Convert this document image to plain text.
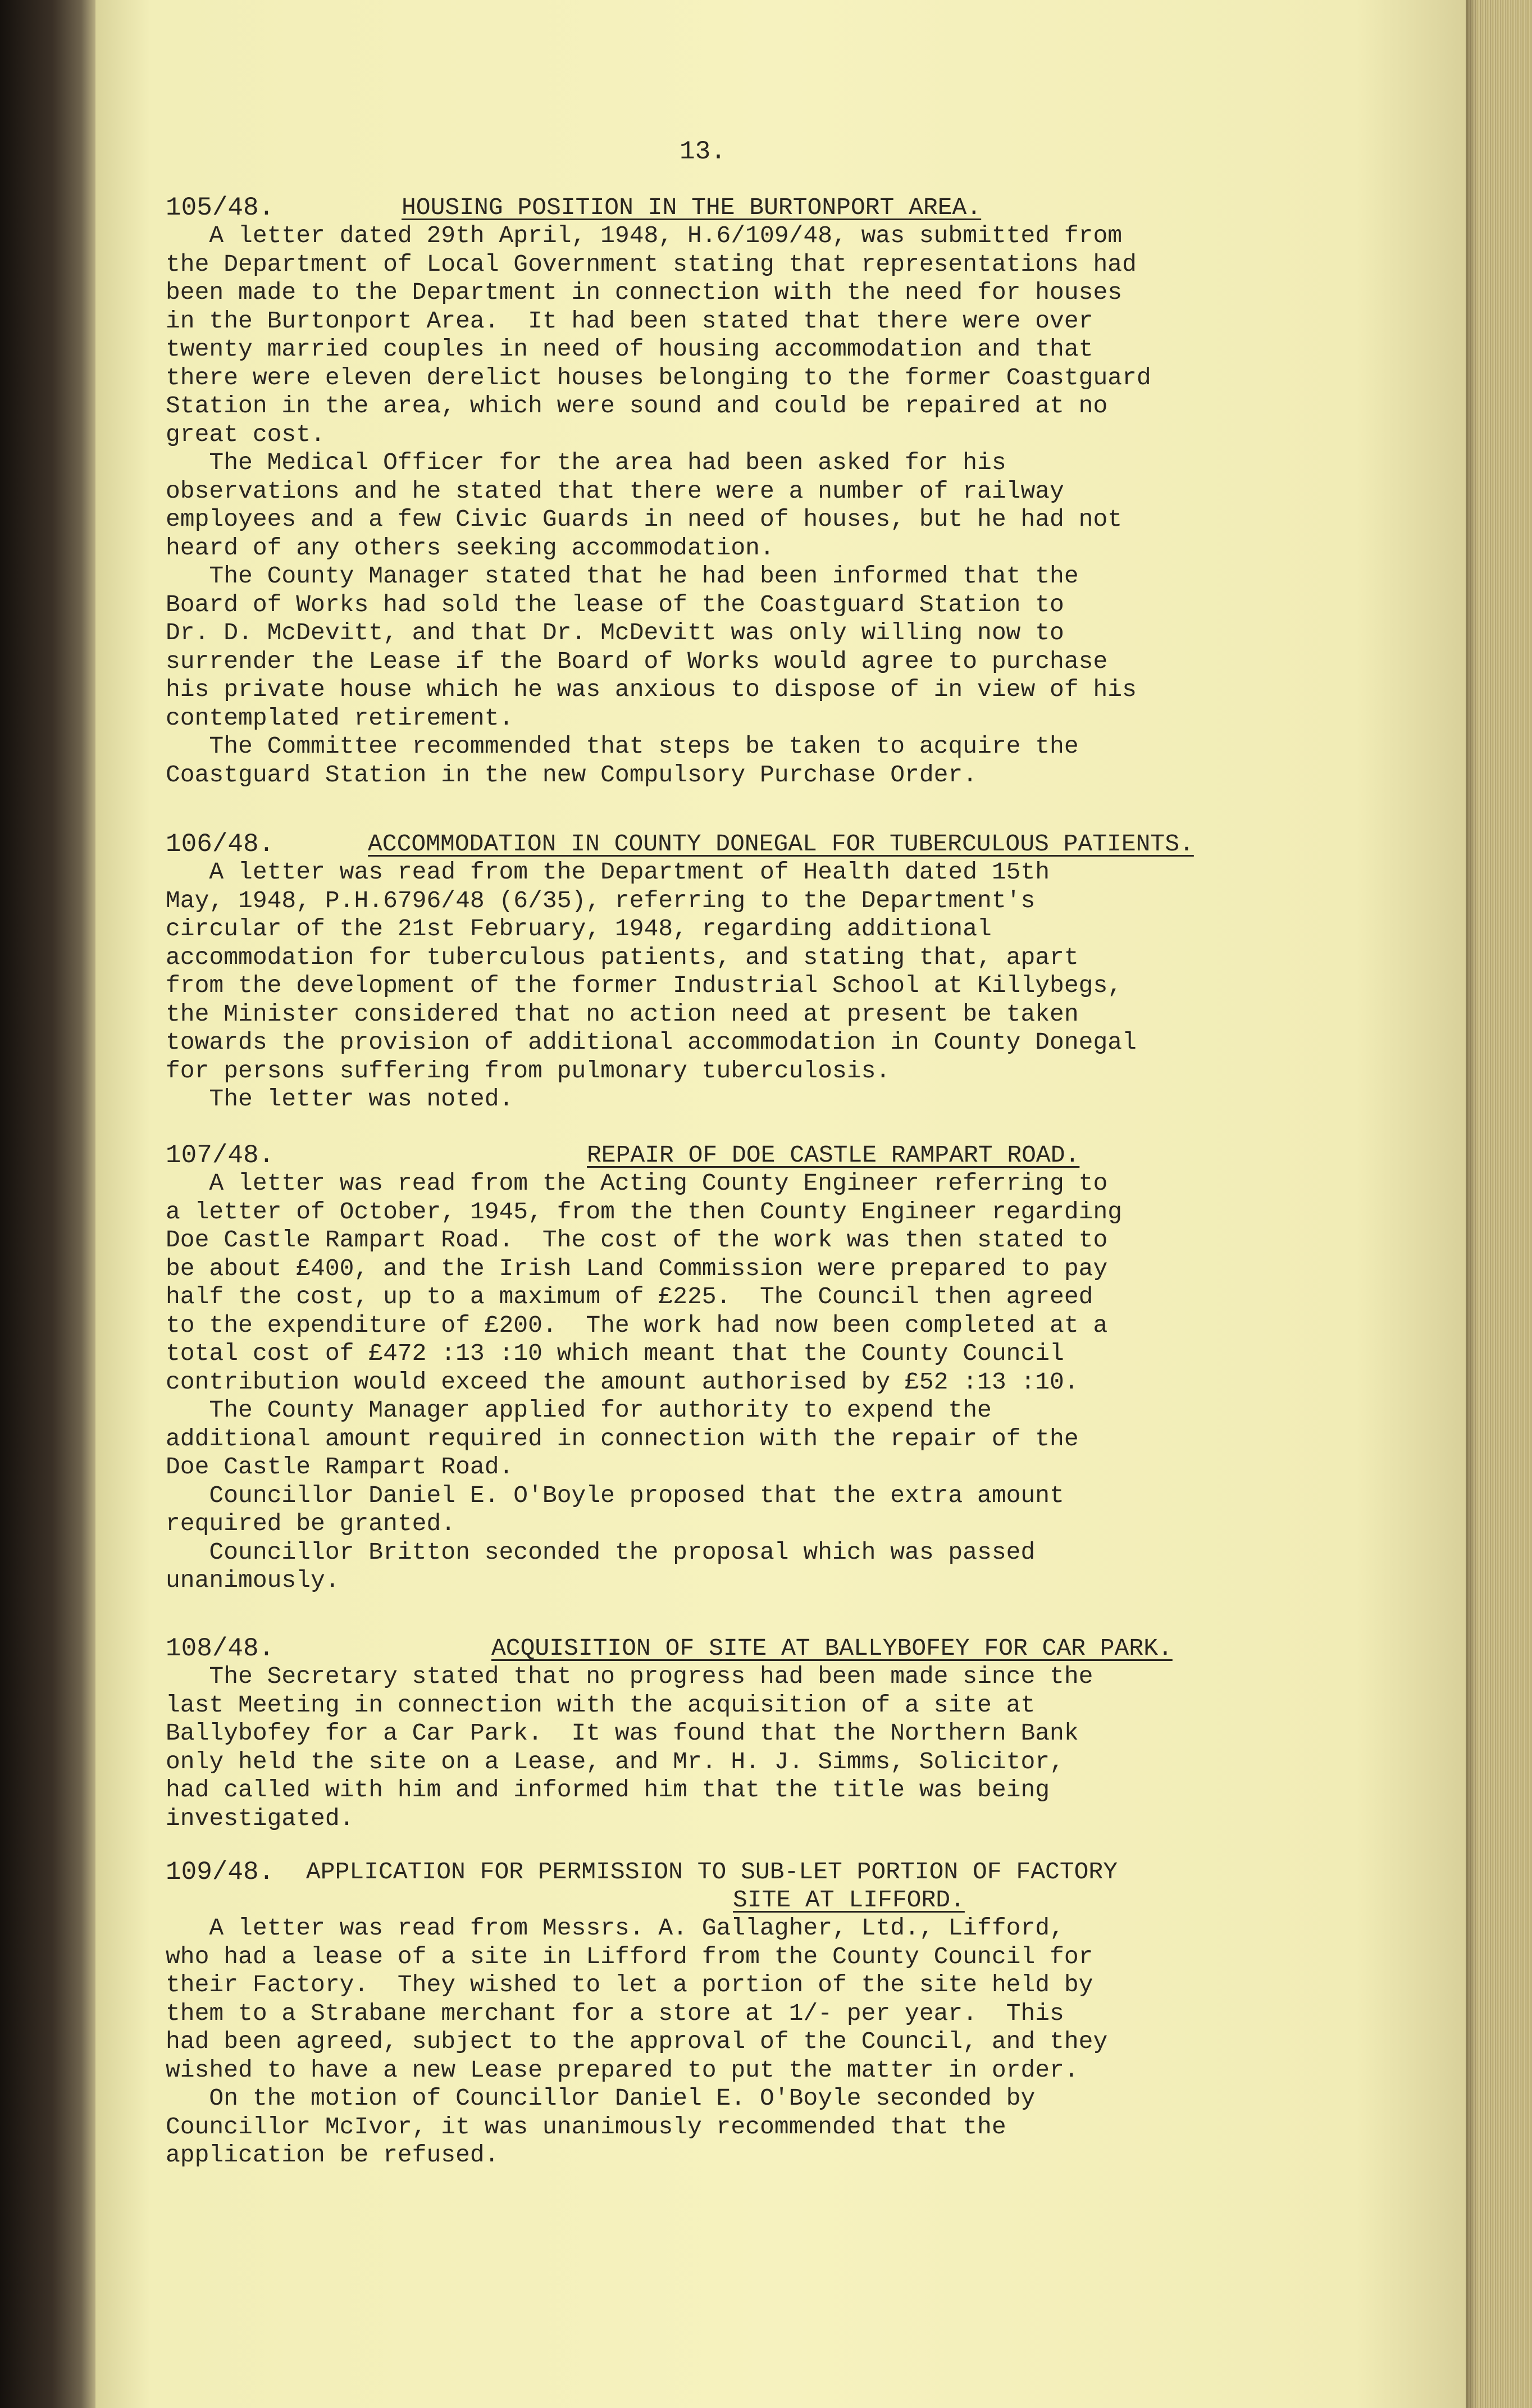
13.
105/48.	HOUSING POSITION IN THE BURTONPORT AREA.
A letter dated 29th April, 1948, H.6/109/48, was submitted from
the Department of Local Government stating that representations had
been made to the Department in connection with the need for houses
in the Burtonport Area.  It had been stated that there were over
twenty married couples in need of housing accommodation and that
there were eleven derelict houses belonging to the former Coastguard
Station in the area, which were sound and could be repaired at no
great cost.
The Medical Officer for the area had been asked for his
observations and he stated that there were a number of railway
employees and a few Civic Guards in need of houses, but he had not
heard of any others seeking accommodation.
The County Manager stated that he had been informed that the
Board of Works had sold the lease of the Coastguard Station to
Dr. D. McDevitt, and that Dr. McDevitt was only willing now to
surrender the Lease if the Board of Works would agree to purchase
his private house which he was anxious to dispose of in view of his
contemplated retirement.
The Committee recommended that steps be taken to acquire the
Coastguard Station in the new Compulsory Purchase Order.
106/48.	ACCOMMODATION IN COUNTY DONEGAL FOR TUBERCULOUS PATIENTS.
A letter was read from the Department of Health dated 15th
May, 1948, P.H.6796/48 (6/35), referring to the Department's
circular of the 21st February, 1948, regarding additional
accommodation for tuberculous patients, and stating that, apart
from the development of the former Industrial School at Killybegs,
the Minister considered that no action need at present be taken
towards the provision of additional accommodation in County Donegal
for persons suffering from pulmonary tuberculosis.
The letter was noted.
107/48.	REPAIR OF DOE CASTLE RAMPART ROAD.
A letter was read from the Acting County Engineer referring to
a letter of October, 1945, from the then County Engineer regarding
Doe Castle Rampart Road.  The cost of the work was then stated to
be about £400, and the Irish Land Commission were prepared to pay
half the cost, up to a maximum of £225.  The Council then agreed
to the expenditure of £200.  The work had now been completed at a
total cost of £472 :13 :10 which meant that the County Council
contribution would exceed the amount authorised by £52 :13 :10.
The County Manager applied for authority to expend the
additional amount required in connection with the repair of the
Doe Castle Rampart Road.
Councillor Daniel E. O'Boyle proposed that the extra amount
required be granted.
Councillor Britton seconded the proposal which was passed
unanimously.
108/48.	ACQUISITION OF SITE AT BALLYBOFEY FOR CAR PARK.
The Secretary stated that no progress had been made since the
last Meeting in connection with the acquisition of a site at
Ballybofey for a Car Park.  It was found that the Northern Bank
only held the site on a Lease, and Mr. H. J. Simms, Solicitor,
had called with him and informed him that the title was being
investigated.
109/48. APPLICATION FOR PERMISSION TO SUB-LET PORTION OF FACTORY
SITE AT LIFFORD.
A letter was read from Messrs. A. Gallagher, Ltd., Lifford,
who had a lease of a site in Lifford from the County Council for
their Factory.  They wished to let a portion of the site held by
them to a Strabane merchant for a store at 1/- per year.  This
had been agreed, subject to the approval of the Council, and they
wished to have a new Lease prepared to put the matter in order.
On the motion of Councillor Daniel E. O'Boyle seconded by
Councillor McIvor, it was unanimously recommended that the
application be refused.
